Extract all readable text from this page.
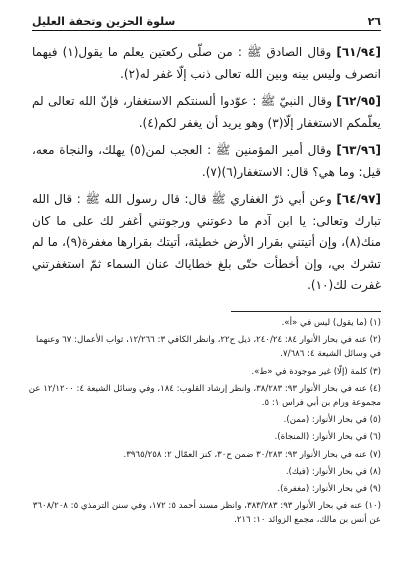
٢٦
سلوة الحزين وتحفة العليل

[٦١/٩٤] وقال الصادق ﷺ : من صلّى ركعتين يعلم ما يقول(١) فيهما انصرف وليس بينه وبين الله تعالى ذنب إلّا غفر له(٢).

[٦٢/٩٥] وقال النبيّ ﷺ : عوّدوا ألسنتكم الاستغفار، فإنّ الله تعالى لم يعلّمكم الاستغفار إلّا(٣) وهو يريد أن يغفر لكم(٤).

[٦٣/٩٦] وقال أمير المؤمنين ﷺ : العجب لمن(٥) يهلك، والنجاة معه، قيل: وما هي؟ قال: الاستغفار(٦)(٧).

[٦٤/٩٧] وعن أبي ذرّ الغفاري ﷺ قال: قال رسول الله ﷺ : قال الله تبارك وتعالى: يا ابن آدم ما دعوتني ورجوتني أغفر لك على ما كان منك(٨)، وإن أتيتني بقرار الأرض خطيئة، أتيتك بقرارها مغفرة(٩)، ما لم تشرك بي، وإن أخطأت حتّى بلغ خطاياك عنان السماء ثمّ استغفرتني غفرت لك(١٠).

(١) (ما يقول) ليس في «أ».
(٢) عنه في بحار الأنوار ٨٤: ٢٤٠/٢٤، ذيل ح٢٢، وانظر الكافي ٣: ١٢/٢٦٦، ثواب الأعمال: ٦٧ وعنهما في وسائل الشيعة ٤: ٧/٦٨٦.
(٣) كلمة (إلّا) غير موجودة في «ط».
(٤) عنه في بحار الأنوار ٩٣: ٣٨/٢٨٣، وانظر إرشاد القلوب: ١٨٤، وفي وسائل الشيعة ٤: ١٢/١٢٠٠ عن مجموعة ورام بن أبي فراس ١: ٥.
(٥) في بحار الأنوار: (ممن).
(٦) في بحار الأنوار: (المنجاة).
(٧) عنه في بحار الأنوار ٩٣: ٣٠/٢٨٣ ضمن ح٣٠، كنز العمّال ٢: ٣٩٦٥/٢٥٨.
(٨) في بحار الأنوار: (فيك).
(٩) في بحار الأنوار: (مغفرة).
(١٠) عنه في بحار الأنوار ٩٣: ٣٨٣/٢٨٣، وانظر مسند أحمد ٥: ١٧٢، وفي سنن الترمذي ٥: ٣٦٠٨/٢٠٨ عن أنس بن مالك، مجمع الزوائد ١٠: ٢١٦.
